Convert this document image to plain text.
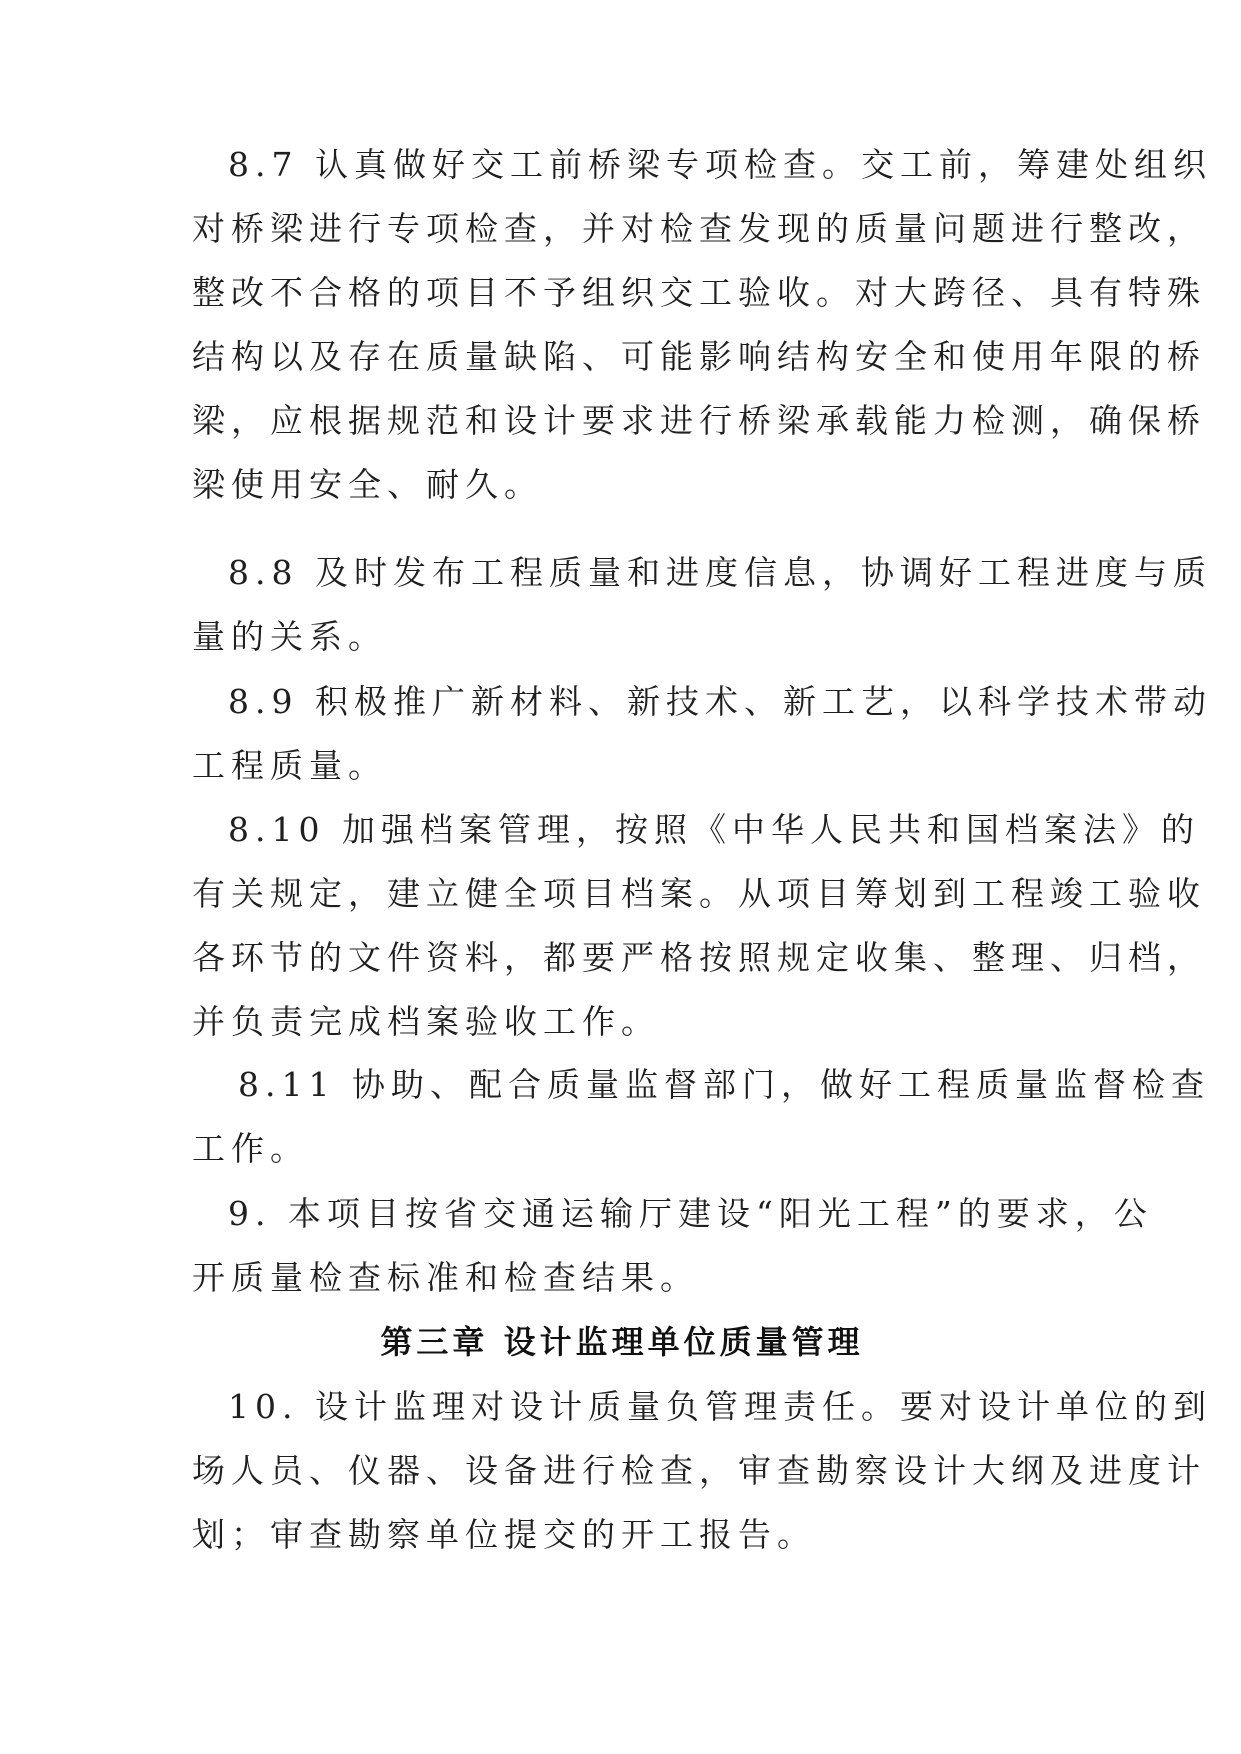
8.7 认真做好交工前桥梁专项检查。交工前，筹建处组织
对桥梁进行专项检查，并对检查发现的质量问题进行整改，
整改不合格的项目不予组织交工验收。对大跨径、具有特殊
结构以及存在质量缺陷、可能影响结构安全和使用年限的桥
梁，应根据规范和设计要求进行桥梁承载能力检测，确保桥
梁使用安全、耐久。
8.8 及时发布工程质量和进度信息，协调好工程进度与质
量的关系。
8.9 积极推广新材料、新技术、新工艺，以科学技术带动
工程质量。
8.10 加强档案管理，按照《中华人民共和国档案法》的
有关规定，建立健全项目档案。从项目筹划到工程竣工验收
各环节的文件资料，都要严格按照规定收集、整理、归档，
并负责完成档案验收工作。
8.11 协助、配合质量监督部门，做好工程质量监督检查
工作。
9. 本项目按省交通运输厅建设“阳光工程”的要求，公
开质量检查标准和检查结果。
第三章 设计监理单位质量管理
10. 设计监理对设计质量负管理责任。要对设计单位的到
场人员、仪器、设备进行检查，审查勘察设计大纲及进度计
划；审查勘察单位提交的开工报告。
